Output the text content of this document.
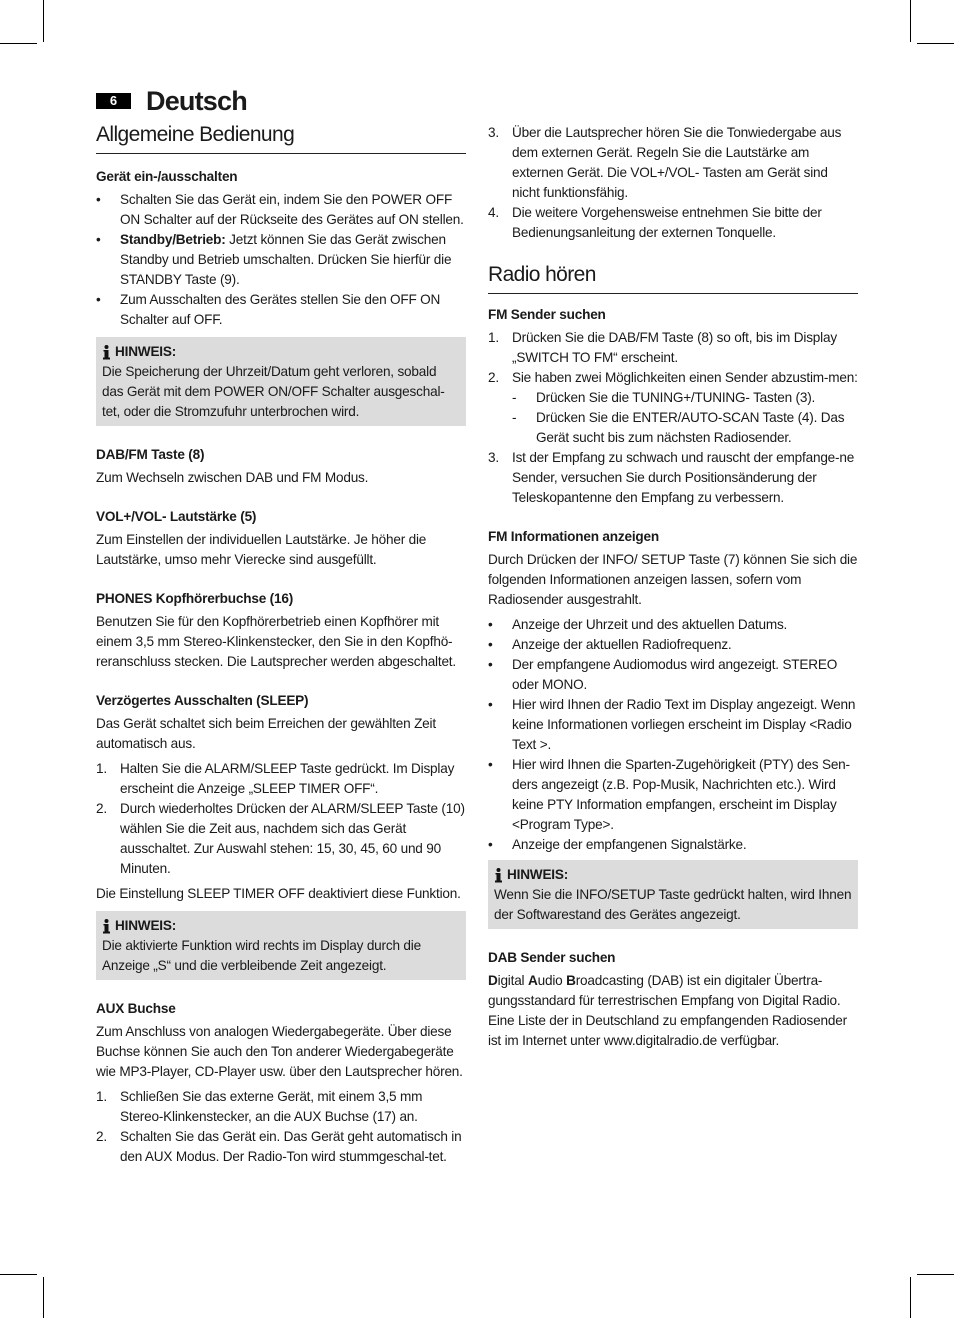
6	Deutsch
Allgemeine Bedienung
Gerät ein-/ausschalten
• Schalten Sie das Gerät ein, indem Sie den POWER OFF ON Schalter auf der Rückseite des Gerätes auf ON stellen.
• Standby/Betrieb: Jetzt können Sie das Gerät zwischen Standby und Betrieb umschalten. Drücken Sie hierfür die STANDBY Taste (9).
• Zum Ausschalten des Gerätes stellen Sie den OFF ON Schalter auf OFF.
HINWEIS:

Die Speicherung der Uhrzeit/Datum geht verloren, sobald das Gerät mit dem POWER ON/OFF Schalter ausgeschal-tet, oder die Stromzufuhr unterbrochen wird.

DAB/FM Taste (8)

Zum Wechseln zwischen DAB und FM Modus.

VOL+/VOL- Lautstärke (5)

Zum Einstellen der individuellen Lautstärke. Je höher die Lautstärke, umso mehr Vierecke sind ausgefüllt.

PHONES Kopfhörerbuchse (16)

Benutzen Sie für den Kopfhörerbetrieb einen Kopfhörer mit einem 3,5 mm Stereo-Klinkenstecker, den Sie in den Kopfhö-reranschluss stecken. Die Lautsprecher werden abgeschaltet.

Verzögertes Ausschalten (SLEEP)

Das Gerät schaltet sich beim Erreichen der gewählten Zeit automatisch aus.

1. Halten Sie die ALARM/SLEEP Taste gedrückt. Im Display erscheint die Anzeige „SLEEP TIMER OFF“.
2. Durch wiederholtes Drücken der ALARM/SLEEP Taste (10) wählen Sie die Zeit aus, nachdem sich das Gerät ausschaltet. Zur Auswahl stehen: 15, 30, 45, 60 und 90 Minuten.

Die Einstellung SLEEP TIMER OFF deaktiviert diese Funktion.

HINWEIS:

Die aktivierte Funktion wird rechts im Display durch die Anzeige „S“ und die verbleibende Zeit angezeigt.

AUX Buchse

Zum Anschluss von analogen Wiedergabegeräte. Über diese Buchse können Sie auch den Ton anderer Wiedergabegeräte wie MP3-Player, CD-Player usw. über den Lautsprecher hören.

1. Schließen Sie das externe Gerät, mit einem 3,5 mm Stereo-Klinkenstecker, an die AUX Buchse (17) an.
2. Schalten Sie das Gerät ein. Das Gerät geht automatisch in den AUX Modus. Der Radio-Ton wird stummgeschal-tet.
3. Über die Lautsprecher hören Sie die Tonwiedergabe aus dem externen Gerät. Regeln Sie die Lautstärke am externen Gerät. Die VOL+/VOL- Tasten am Gerät sind nicht funktionsfähig.
4. Die weitere Vorgehensweise entnehmen Sie bitte der Bedienungsanleitung der externen Tonquelle.
Radio hören
FM Sender suchen
1. Drücken Sie die DAB/FM Taste (8) so oft, bis im Display „SWITCH TO FM“ erscheint.
2. Sie haben zwei Möglichkeiten einen Sender abzustim-men:
- Drücken Sie die TUNING+/TUNING- Tasten (3).
- Drücken Sie die ENTER/AUTO-SCAN Taste (4). Das Gerät sucht bis zum nächsten Radiosender.
3. Ist der Empfang zu schwach und rauscht der empfange-ne Sender, versuchen Sie durch Positionsänderung der Teleskopantenne den Empfang zu verbessern.
FM Informationen anzeigen

Durch Drücken der INFO/ SETUP Taste (7) können Sie sich die folgenden Informationen anzeigen lassen, sofern vom Radiosender ausgestrahlt.

• Anzeige der Uhrzeit und des aktuellen Datums.
• Anzeige der aktuellen Radiofrequenz.
• Der empfangene Audiomodus wird angezeigt. STEREO oder MONO.
• Hier wird Ihnen der Radio Text im Display angezeigt. Wenn keine Informationen vorliegen erscheint im Display <Radio Text >.
• Hier wird Ihnen die Sparten-Zugehörigkeit (PTY) des Sen-ders angezeigt (z.B. Pop-Musik, Nachrichten etc.). Wird keine PTY Information empfangen, erscheint im Display <Program Type>.
• Anzeige der empfangenen Signalstärke.
HINWEIS:

Wenn Sie die INFO/SETUP Taste gedrückt halten, wird Ihnen der Softwarestand des Gerätes angezeigt.

DAB Sender suchen

Digital Audio Broadcasting (DAB) ist ein digitaler Übertra-gungsstandard für terrestrischen Empfang von Digital Radio. Eine Liste der in Deutschland zu empfangenden Radiosender ist im Internet unter www.digitalradio.de verfügbar.
